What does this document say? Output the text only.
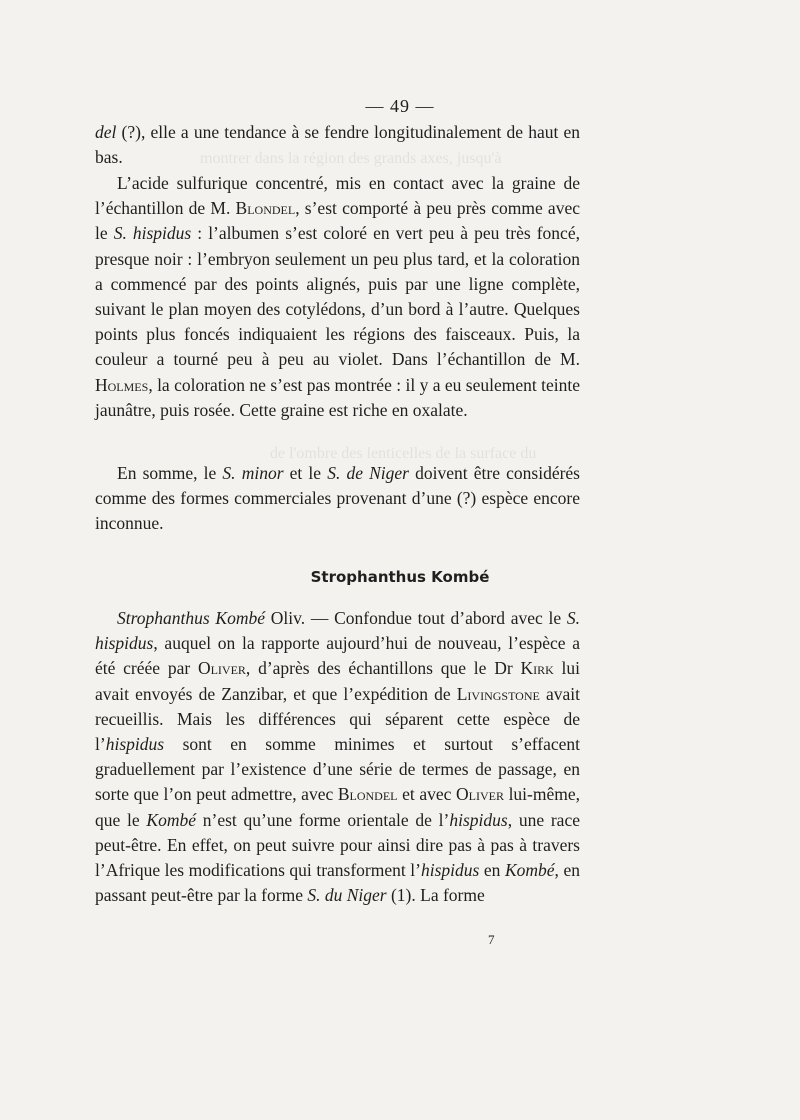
montrer dans la région des grands axes, jusqu'à
de l'ombre des lenticelles de la surface du
— 49 —
del (?), elle a une tendance à se fendre longitudinalement de haut en bas.
L’acide sulfurique concentré, mis en contact avec la graine de l’échantillon de M. Blondel, s’est comporté à peu près comme avec le S. hispidus : l’albumen s’est coloré en vert peu à peu très foncé, presque noir : l’embryon seulement un peu plus tard, et la coloration a commencé par des points alignés, puis par une ligne complète, suivant le plan moyen des cotylédons, d’un bord à l’autre. Quelques points plus foncés indiquaient les régions des faisceaux. Puis, la couleur a tourné peu à peu au violet. Dans l’échantillon de M. Holmes, la coloration ne s’est pas montrée : il y a eu seulement teinte jaunâtre, puis rosée. Cette graine est riche en oxalate.
En somme, le S. minor et le S. de Niger doivent être considérés comme des formes commerciales provenant d’une (?) espèce encore inconnue.
Strophanthus Kombé
Strophanthus Kombé Oliv. — Confondue tout d’abord avec le S. hispidus, auquel on la rapporte aujourd’hui de nouveau, l’espèce a été créée par Oliver, d’après des échantillons que le Dr Kirk lui avait envoyés de Zanzibar, et que l’expédition de Livingstone avait recueillis. Mais les différences qui séparent cette espèce de l’hispidus sont en somme minimes et surtout s’effacent graduellement par l’existence d’une série de termes de passage, en sorte que l’on peut admettre, avec Blondel et avec Oliver lui-même, que le Kombé n’est qu’une forme orientale de l’hispidus, une race peut-être. En effet, on peut suivre pour ainsi dire pas à pas à travers l’Afrique les modifications qui transforment l’hispidus en Kombé, en passant peut-être par la forme S. du Niger (1). La forme
7
